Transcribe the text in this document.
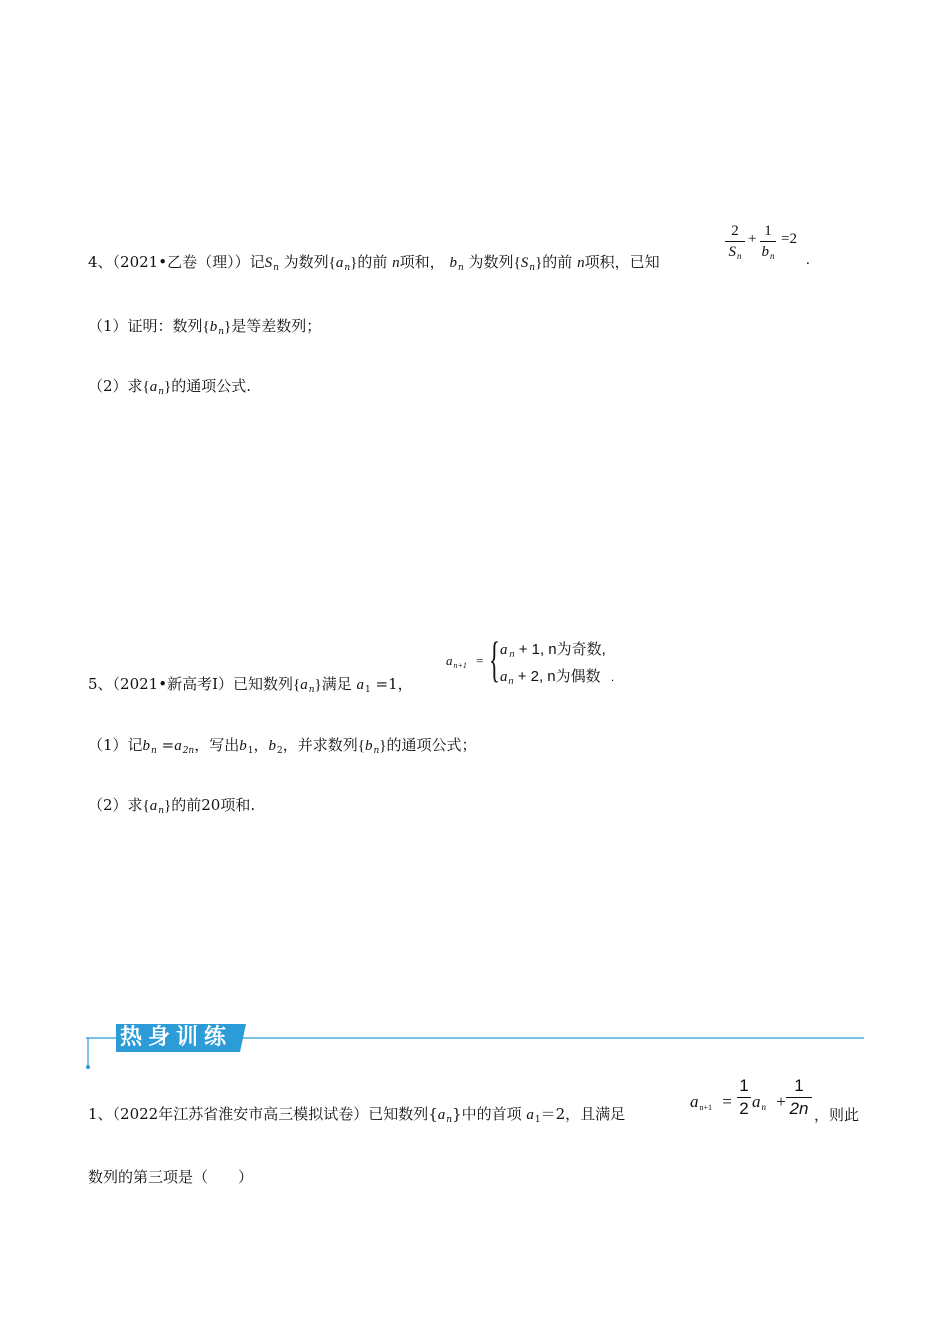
4、（2021•乙卷（理））记$S_n$ 为数列$\{a_n\}$的前 n项和， $b_n$ 为数列$\{S_n\}$的前 n项积，已知
2
$S_n$
+ 1
$b_n$
=2
.
（1）证明：数列$\{b_n\}$是等差数列；
（2）求$\{a_n\}$的通项公式.
5、（2021•新高考Ⅰ）已知数列$\{a_n\}$满足 $a_1 =1$，
$a_{n+1}$ = { a $_n$ + 1, n为奇数,
$a_n + 2$, n为偶数 .
（1）记$b_n =a_{2n}$，写出$b_1$，$b_2$，并求数列$\{b_n\}$的通项公式；
（2）求$\{a_n\}$的前20项和.
热身训练
1、（2022年江苏省淮安市高三模拟试卷）已知数列$\{a_n\}$中的首项 $a_1=2$，且满足
an+1 =
1
2 an +
1
2n ，则此
数列的第三项是（　　）
